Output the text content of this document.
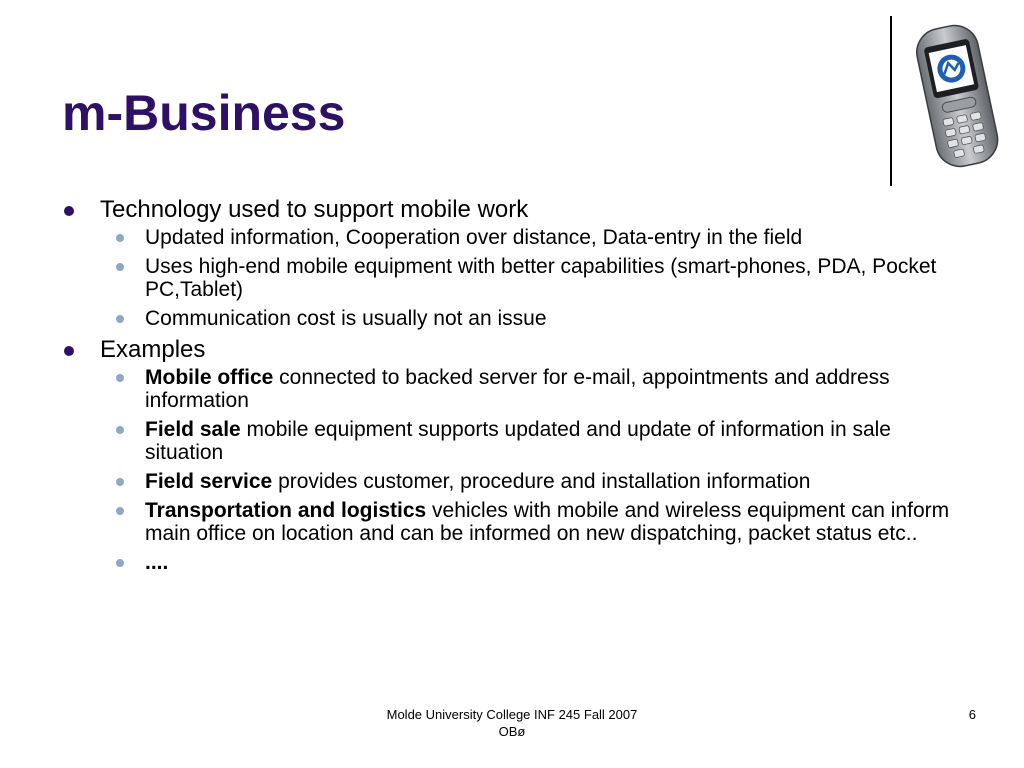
m-Business
Technology used to support mobile work
Updated information, Cooperation over distance, Data-entry in the field
Uses high-end mobile equipment with better capabilities (smart-phones, PDA, Pocket PC,Tablet)
Communication cost is usually not an issue
Examples
Mobile office connected to backed server for e-mail, appointments and address information
Field sale mobile equipment supports updated and update of information in sale situation
Field service provides customer, procedure and installation information
Transportation and logistics vehicles with mobile and wireless equipment can inform main office on location and can be informed on new dispatching, packet status etc..
....
Molde University College INF 245 Fall 2007
OBø
6
